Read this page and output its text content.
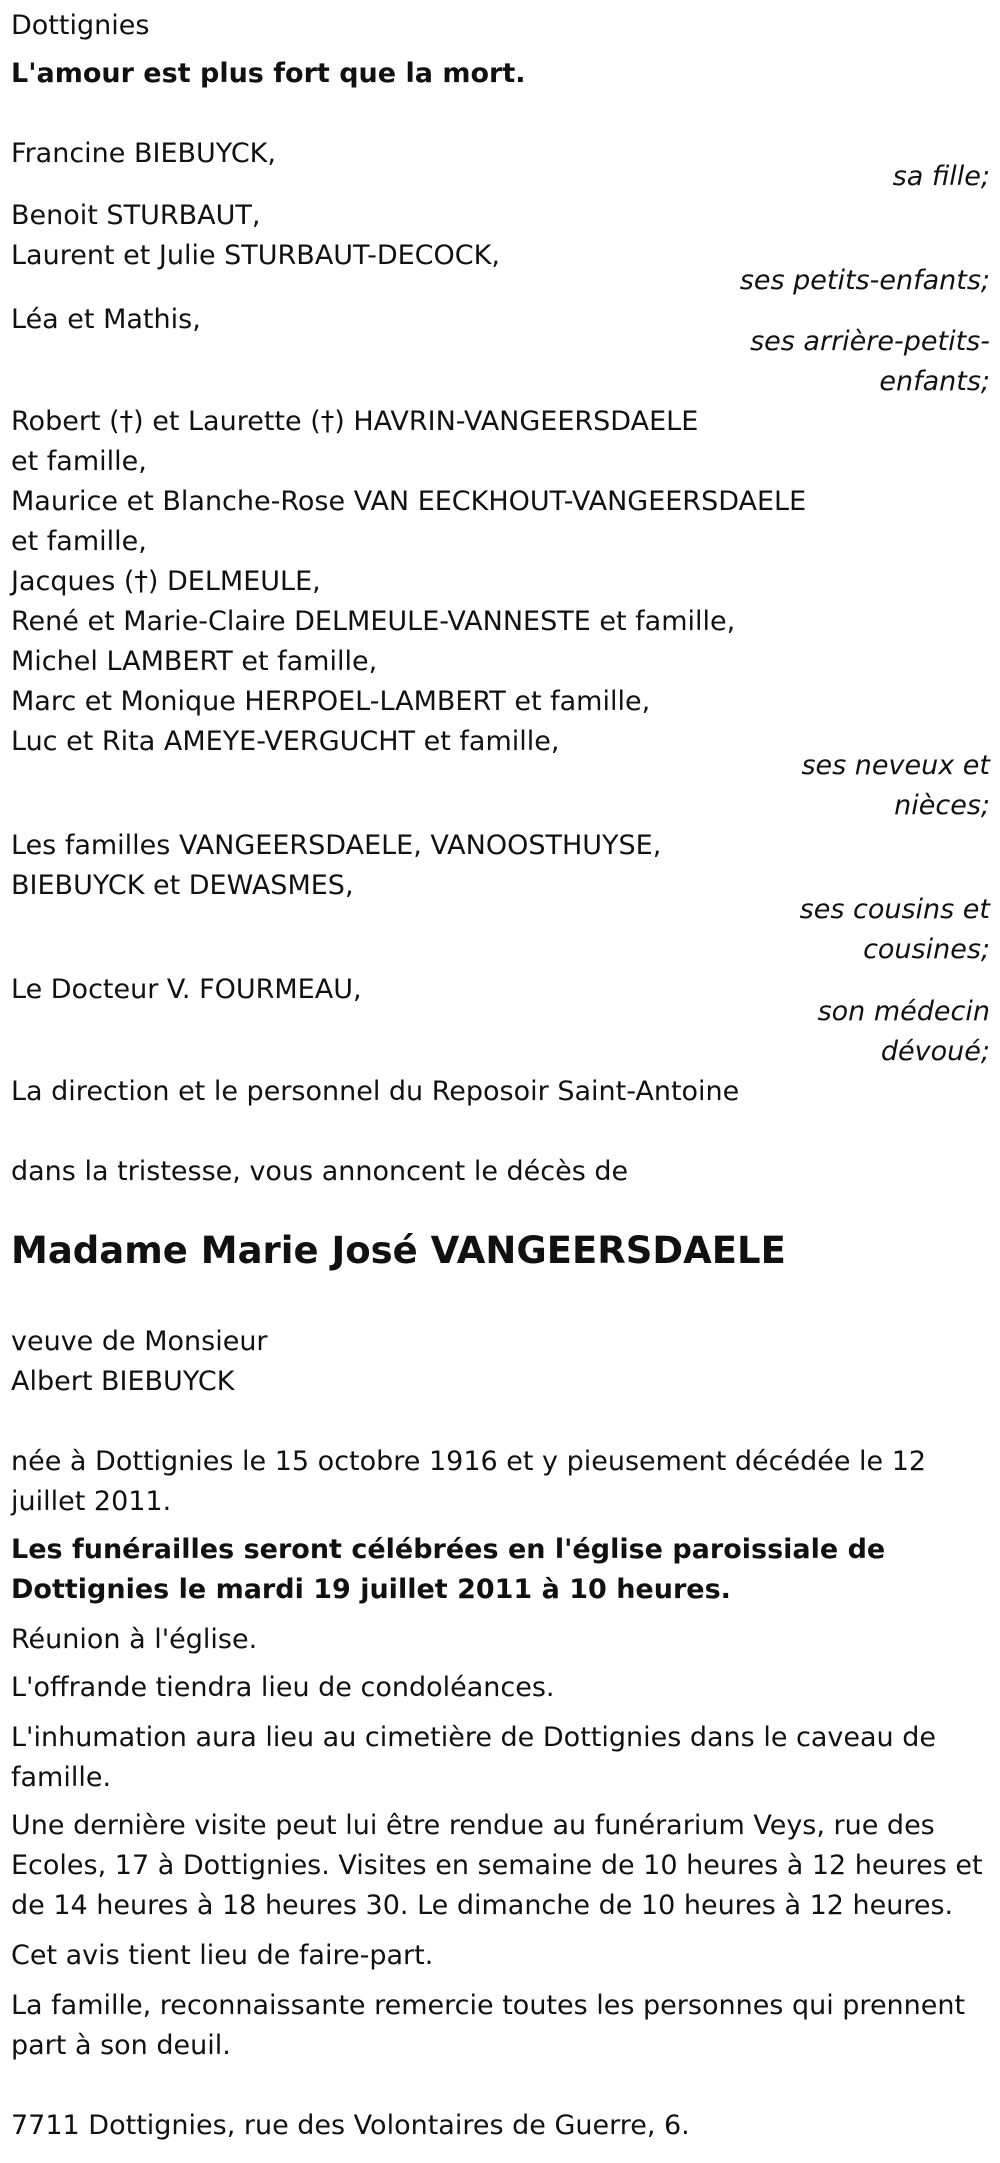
Dottignies

L'amour est plus fort que la mort.

Francine BIEBUYCK,

sa fille;

Benoit STURBAUT,

Laurent et Julie STURBAUT-DECOCK,

ses petits-enfants;

Léa et Mathis,

ses arrière-petits-

enfants;

Robert (†) et Laurette (†) HAVRIN-VANGEERSDAELE

et famille,

Maurice et Blanche-Rose VAN EECKHOUT-VANGEERSDAELE

et famille,

Jacques (†) DELMEULE,

René et Marie-Claire DELMEULE-VANNESTE et famille,

Michel LAMBERT et famille,

Marc et Monique HERPOEL-LAMBERT et famille,

Luc et Rita AMEYE-VERGUCHT et famille,

ses neveux et

nièces;

Les familles VANGEERSDAELE, VANOOSTHUYSE,

BIEBUYCK et DEWASMES,

ses cousins et

cousines;

Le Docteur V. FOURMEAU,

son médecin

dévoué;

La direction et le personnel du Reposoir Saint-Antoine

dans la tristesse, vous annoncent le décès de

Madame Marie José VANGEERSDAELE

veuve de Monsieur

Albert BIEBUYCK

née à Dottignies le 15 octobre 1916 et y pieusement décédée le 12 juillet 2011.

Les funérailles seront célébrées en l'église paroissiale de Dottignies le mardi 19 juillet 2011 à 10 heures.

Réunion à l'église.

L'offrande tiendra lieu de condoléances.

L'inhumation aura lieu au cimetière de Dottignies dans le caveau de famille.

Une dernière visite peut lui être rendue au funérarium Veys, rue des Ecoles, 17 à Dottignies. Visites en semaine de 10 heures à 12 heures et de 14 heures à 18 heures 30. Le dimanche de 10 heures à 12 heures.

Cet avis tient lieu de faire-part.

La famille, reconnaissante remercie toutes les personnes qui prennent part à son deuil.

7711 Dottignies, rue des Volontaires de Guerre, 6.
